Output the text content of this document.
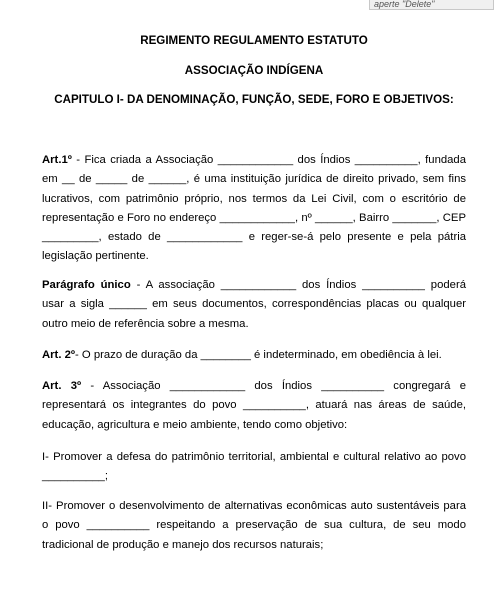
aperte "Delete"
REGIMENTO REGULAMENTO ESTATUTO
ASSOCIAÇÃO INDÍGENA
CAPITULO I- DA DENOMINAÇÃO, FUNÇÃO, SEDE, FORO E OBJETIVOS:
Art.1º - Fica criada a Associação ____________ dos Índios __________, fundada em __ de _____ de ______, é uma instituição jurídica de direito privado, sem fins lucrativos, com patrimônio próprio, nos termos da Lei Civil, com o escritório de representação e Foro no endereço ____________, nº ______, Bairro _______, CEP _________, estado de ____________ e reger-se-á pelo presente e pela pátria legislação pertinente.
Parágrafo único - A associação ____________ dos Índios __________ poderá usar a sigla ______ em seus documentos, correspondências placas ou qualquer outro meio de referência sobre a mesma.
Art. 2º- O prazo de duração da ________ é indeterminado, em obediência à lei.
Art. 3º - Associação ____________ dos Índios __________ congregará e representará os integrantes do povo __________, atuará nas áreas de saúde, educação, agricultura e meio ambiente, tendo como objetivo:
I- Promover a defesa do patrimônio territorial, ambiental e cultural relativo ao povo __________;
II- Promover o desenvolvimento de alternativas econômicas auto sustentáveis para o povo __________ respeitando a preservação de sua cultura, de seu modo tradicional de produção e manejo dos recursos naturais;
